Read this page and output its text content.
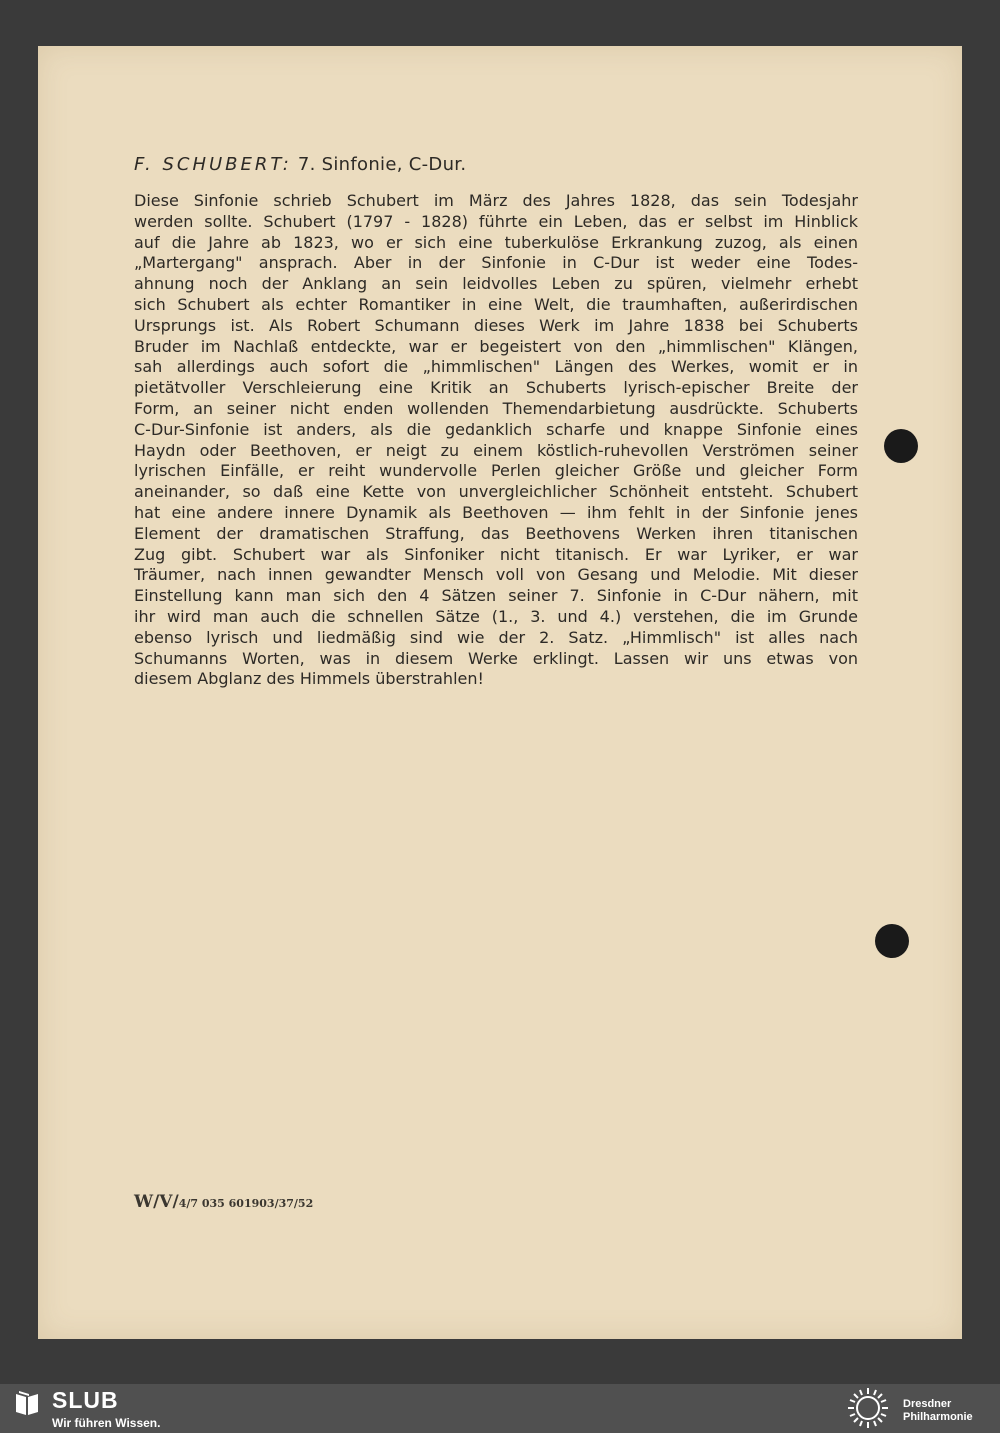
F. SCHUBERT: 7. Sinfonie, C-Dur.
Diese Sinfonie schrieb Schubert im März des Jahres 1828, das sein Todesjahr
werden sollte. Schubert (1797 - 1828) führte ein Leben, das er selbst im Hinblick
auf die Jahre ab 1823, wo er sich eine tuberkulöse Erkrankung zuzog, als einen
„Martergang" ansprach. Aber in der Sinfonie in C-Dur ist weder eine Todes-
ahnung noch der Anklang an sein leidvolles Leben zu spüren, vielmehr erhebt
sich Schubert als echter Romantiker in eine Welt, die traumhaften, außerirdischen
Ursprungs ist. Als Robert Schumann dieses Werk im Jahre 1838 bei Schuberts
Bruder im Nachlaß entdeckte, war er begeistert von den „himmlischen" Klängen,
sah allerdings auch sofort die „himmlischen" Längen des Werkes, womit er in
pietätvoller Verschleierung eine Kritik an Schuberts lyrisch-epischer Breite der
Form, an seiner nicht enden wollenden Themendarbietung ausdrückte. Schuberts
C-Dur-Sinfonie ist anders, als die gedanklich scharfe und knappe Sinfonie eines
Haydn oder Beethoven, er neigt zu einem köstlich-ruhevollen Verströmen seiner
lyrischen Einfälle, er reiht wundervolle Perlen gleicher Größe und gleicher Form
aneinander, so daß eine Kette von unvergleichlicher Schönheit entsteht. Schubert
hat eine andere innere Dynamik als Beethoven — ihm fehlt in der Sinfonie jenes
Element der dramatischen Straffung, das Beethovens Werken ihren titanischen
Zug gibt. Schubert war als Sinfoniker nicht titanisch. Er war Lyriker, er war
Träumer, nach innen gewandter Mensch voll von Gesang und Melodie. Mit dieser
Einstellung kann man sich den 4 Sätzen seiner 7. Sinfonie in C-Dur nähern, mit
ihr wird man auch die schnellen Sätze (1., 3. und 4.) verstehen, die im Grunde
ebenso lyrisch und liedmäßig sind wie der 2. Satz. „Himmlisch" ist alles nach
Schumanns Worten, was in diesem Werke erklingt. Lassen wir uns etwas von
diesem Abglanz des Himmels überstrahlen!
W/V/4/7 035 601903/37/52
SLUB
Wir führen Wissen.
Dresdner
Philharmonie
